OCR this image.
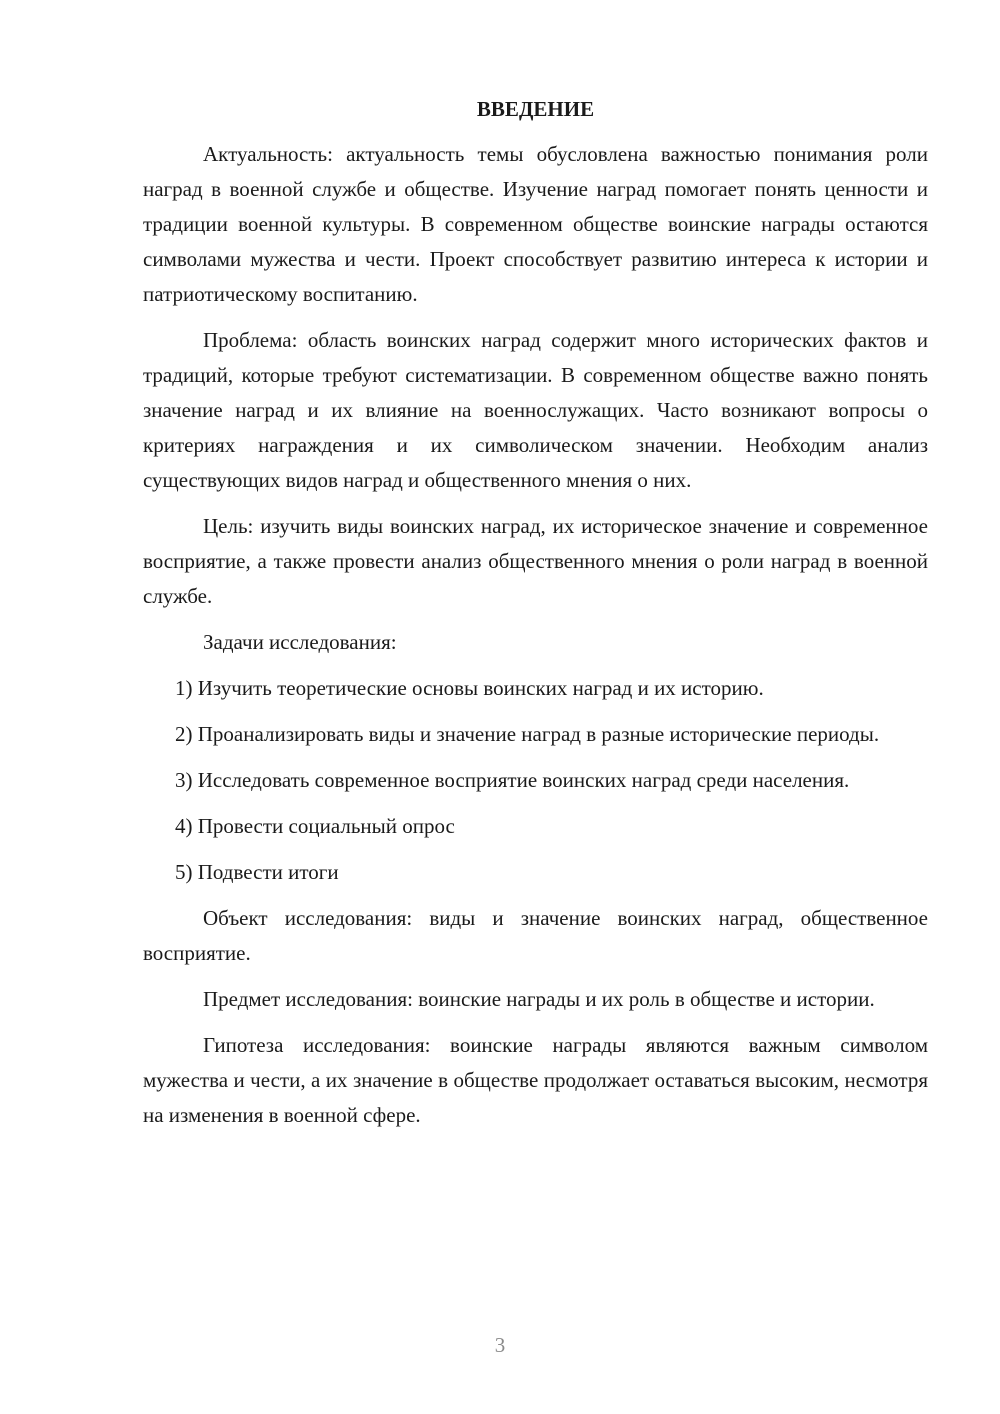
ВВЕДЕНИЕ

Актуальность: актуальность темы обусловлена важностью понимания роли наград в военной службе и обществе. Изучение наград помогает понять ценности и традиции военной культуры. В современном обществе воинские награды остаются символами мужества и чести. Проект способствует развитию интереса к истории и патриотическому воспитанию.

Проблема: область воинских наград содержит много исторических фактов и традиций, которые требуют систематизации. В современном обществе важно понять значение наград и их влияние на военнослужащих. Часто возникают вопросы о критериях награждения и их символическом значении. Необходим анализ существующих видов наград и общественного мнения о них.

Цель: изучить виды воинских наград, их историческое значение и современное восприятие, а также провести анализ общественного мнения о роли наград в военной службе.

Задачи исследования:

1) Изучить теоретические основы воинских наград и их историю.

2) Проанализировать виды и значение наград в разные исторические периоды.

3) Исследовать современное восприятие воинских наград среди населения.

4) Провести социальный опрос

5) Подвести итоги

Объект исследования: виды и значение воинских наград, общественное восприятие.

Предмет исследования: воинские награды и их роль в обществе и истории.

Гипотеза исследования: воинские награды являются важным символом мужества и чести, а их значение в обществе продолжает оставаться высоким, несмотря на изменения в военной сфере.

3
